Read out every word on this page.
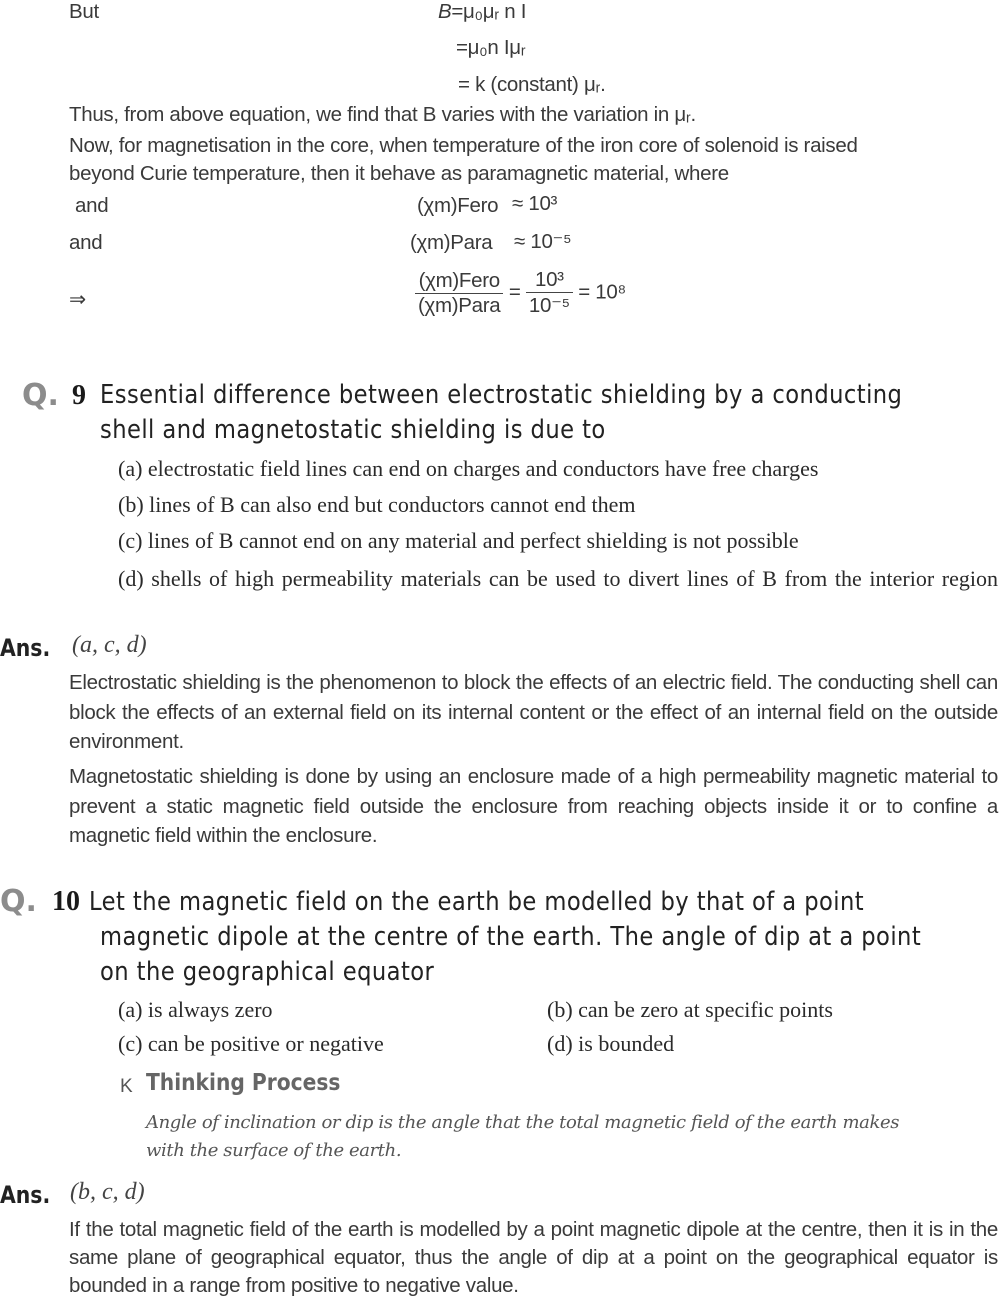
But	B=μ₀μᵣ n I
=μ₀n Iμᵣ
= k (constant) μᵣ.
Thus, from above equation, we find that B varies with the variation in μᵣ.
Now, for magnetisation in the core, when temperature of the iron core of solenoid is raised
beyond Curie temperature, then it behave as paramagnetic material, where
and	(χm)Fero ≈ 10³
and	(χm)Para ≈ 10⁻⁵
⇒	$\frac{\text{(χm)Fero}}{\text{(χm)Para}} = \frac{\text{10³}}{\text{10⁻⁵}} = 10^8$
Q. 9 Essential difference between electrostatic shielding by a conducting
shell and magnetostatic shielding is due to
(a) electrostatic field lines can end on charges and conductors have free charges
(b) lines of B can also end but conductors cannot end them
(c) lines of B cannot end on any material and perfect shielding is not possible
(d) shells of high permeability materials can be used to divert lines of B from the interior region
Ans. (a, c, d)
Electrostatic shielding is the phenomenon to block the effects of an electric field. The conducting shell can block the effects of an external field on its internal content or the effect of an internal field on the outside environment.
Magnetostatic shielding is done by using an enclosure made of a high permeability magnetic material to prevent a static magnetic field outside the enclosure from reaching objects inside it or to confine a magnetic field within the enclosure.
Q. 10 Let the magnetic field on the earth be modelled by that of a point
magnetic dipole at the centre of the earth. The angle of dip at a point
on the geographical equator
(a) is always zero	(b) can be zero at specific points
(c) can be positive or negative	(d) is bounded
K Thinking Process
Angle of inclination or dip is the angle that the total magnetic field of the earth makes
with the surface of the earth.
Ans. (b, c, d)
If the total magnetic field of the earth is modelled by a point magnetic dipole at the centre, then it is in the same plane of geographical equator, thus the angle of dip at a point on the geographical equator is bounded in a range from positive to negative value.
